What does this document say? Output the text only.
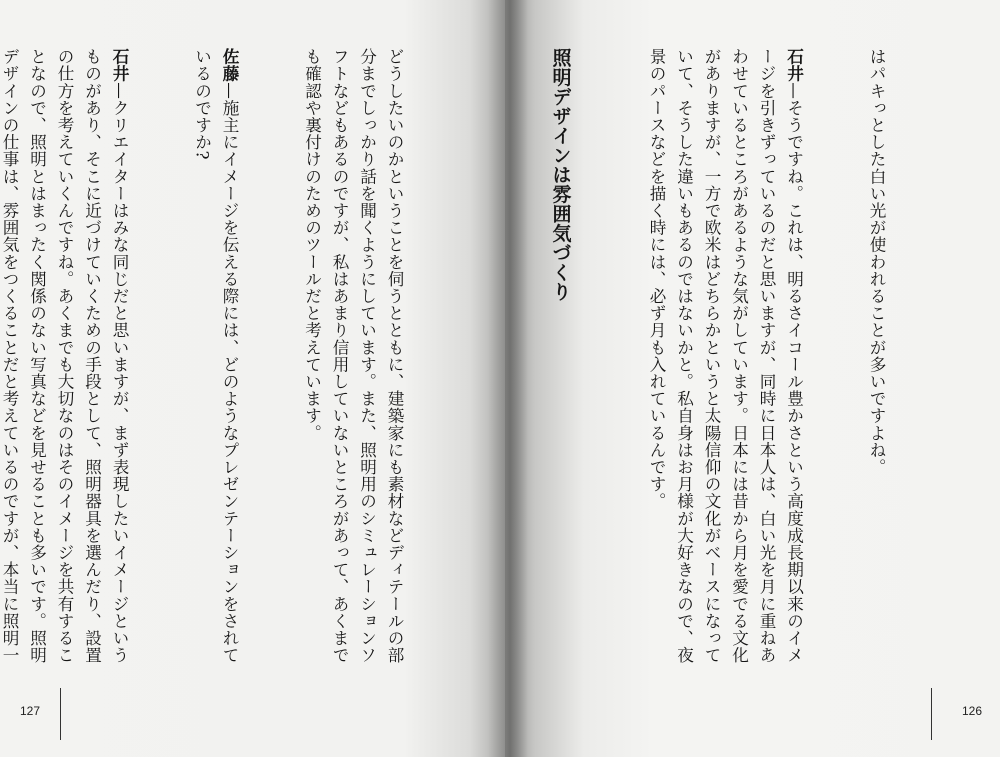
どうしたいのかということを伺うとともに、建築家にも素材などディテールの部分までしっかり話を聞くようにしています。また、照明用のシミュレーションソフトなどもあるのですが、私はあまり信用していないところがあって、あくまでも確認や裏付けのためのツールだと考えています。

佐藤—施主にイメージを伝える際には、どのようなプレゼンテーションをされているのですか?

石井—クリエイターはみな同じだと思いますが、まず表現したいイメージというものがあり、そこに近づけていくための手段として、照明器具を選んだり、設置の仕方を考えていくんですね。あくまでも大切なのはそのイメージを共有することなので、照明とはまったく関係のない写真などを見せることも多いです。照明デザインの仕事は、雰囲気をつくることだと考えているのですが、本当に照明一

127

はパキっとした白い光が使われることが多いですよね。

石井—そうですね。これは、明るさイコール豊かさという高度成長期以来のイメージを引きずっているのだと思いますが、同時に日本人は、白い光を月に重ねあわせているところがあるような気がしています。日本には昔から月を愛でる文化がありますが、一方で欧米はどちらかというと太陽信仰の文化がベースになっていて、そうした違いもあるのではないかと。私自身はお月様が大好きなので、夜景のパースなどを描く時には、必ず月も入れているんです。

照明デザインは雰囲気づくり

126
